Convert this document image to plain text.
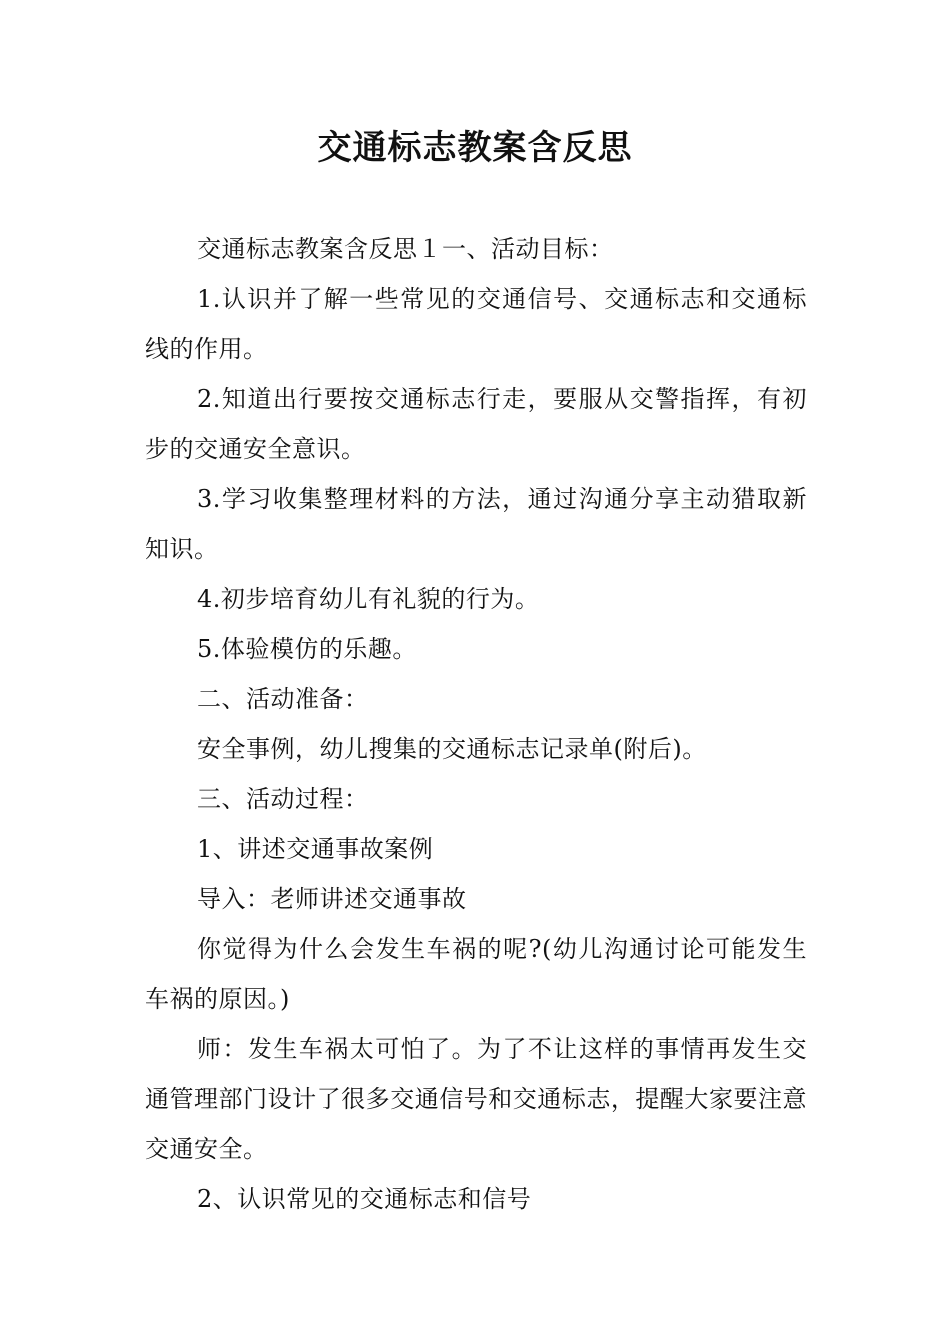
交通标志教案含反思

交通标志教案含反思１一、活动目标：

1.认识并了解一些常见的交通信号、交通标志和交通标线的作用。

2.知道出行要按交通标志行走，要服从交警指挥，有初步的交通安全意识。

3.学习收集整理材料的方法，通过沟通分享主动猎取新知识。

4.初步培育幼儿有礼貌的行为。

5.体验模仿的乐趣。

二、活动准备：

安全事例，幼儿搜集的交通标志记录单(附后)。

三、活动过程：

1、讲述交通事故案例

导入：老师讲述交通事故

你觉得为什么会发生车祸的呢?(幼儿沟通讨论可能发生车祸的原因。)

师：发生车祸太可怕了。为了不让这样的事情再发生交通管理部门设计了很多交通信号和交通标志，提醒大家要注意交通安全。

2、认识常见的交通标志和信号
